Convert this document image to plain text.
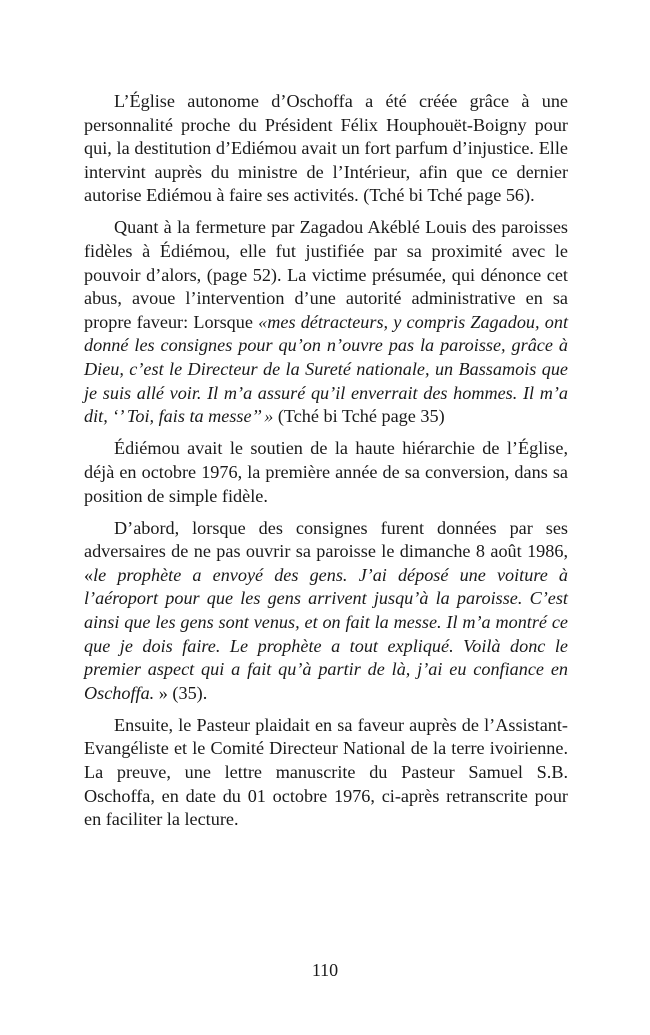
L’Église autonome d’Oschoffa a été créée grâce à une personnalité proche du Président Félix Houphouët-Boigny pour qui, la destitution d’Ediémou avait un fort parfum d’injustice. Elle intervint auprès du ministre de l’Intérieur, afin que ce dernier autorise Ediémou à faire ses activités. (Tché bi Tché page 56).

Quant à la fermeture par Zagadou Akéblé Louis des paroisses fidèles à Édiémou, elle fut justifiée par sa proximité avec le pouvoir d’alors, (page 52). La victime présumée, qui dénonce cet abus, avoue l’intervention d’une autorité administrative en sa propre faveur: Lorsque «mes détracteurs, y compris Zagadou, ont donné les consignes pour qu’on n’ouvre pas la paroisse, grâce à Dieu, c’est le Directeur de la Sureté nationale, un Bassamois que je suis allé voir. Il m’a assuré qu’il enverrait des hommes. Il m’a dit, ‘’ Toi, fais ta messe’’ » (Tché bi Tché page 35)

Édiémou avait le soutien de la haute hiérarchie de l’Église, déjà en octobre 1976, la première année de sa conversion, dans sa position de simple fidèle.

D’abord, lorsque des consignes furent données par ses adversaires de ne pas ouvrir sa paroisse le dimanche 8 août 1986, «le prophète a envoyé des gens. J’ai déposé une voiture à l’aéroport pour que les gens arrivent jusqu’à la paroisse. C’est ainsi que les gens sont venus, et on fait la messe. Il m’a montré ce que je dois faire. Le prophète a tout expliqué. Voilà donc le premier aspect qui a fait qu’à partir de là, j’ai eu confiance en Oschoffa. » (35).

Ensuite, le Pasteur plaidait en sa faveur auprès de l’Assistant-Evangéliste et le Comité Directeur National de la terre ivoirienne. La preuve, une lettre manuscrite du Pasteur Samuel S.B. Oschoffa, en date du 01 octobre 1976, ci-après retranscrite pour en faciliter la lecture.

110
